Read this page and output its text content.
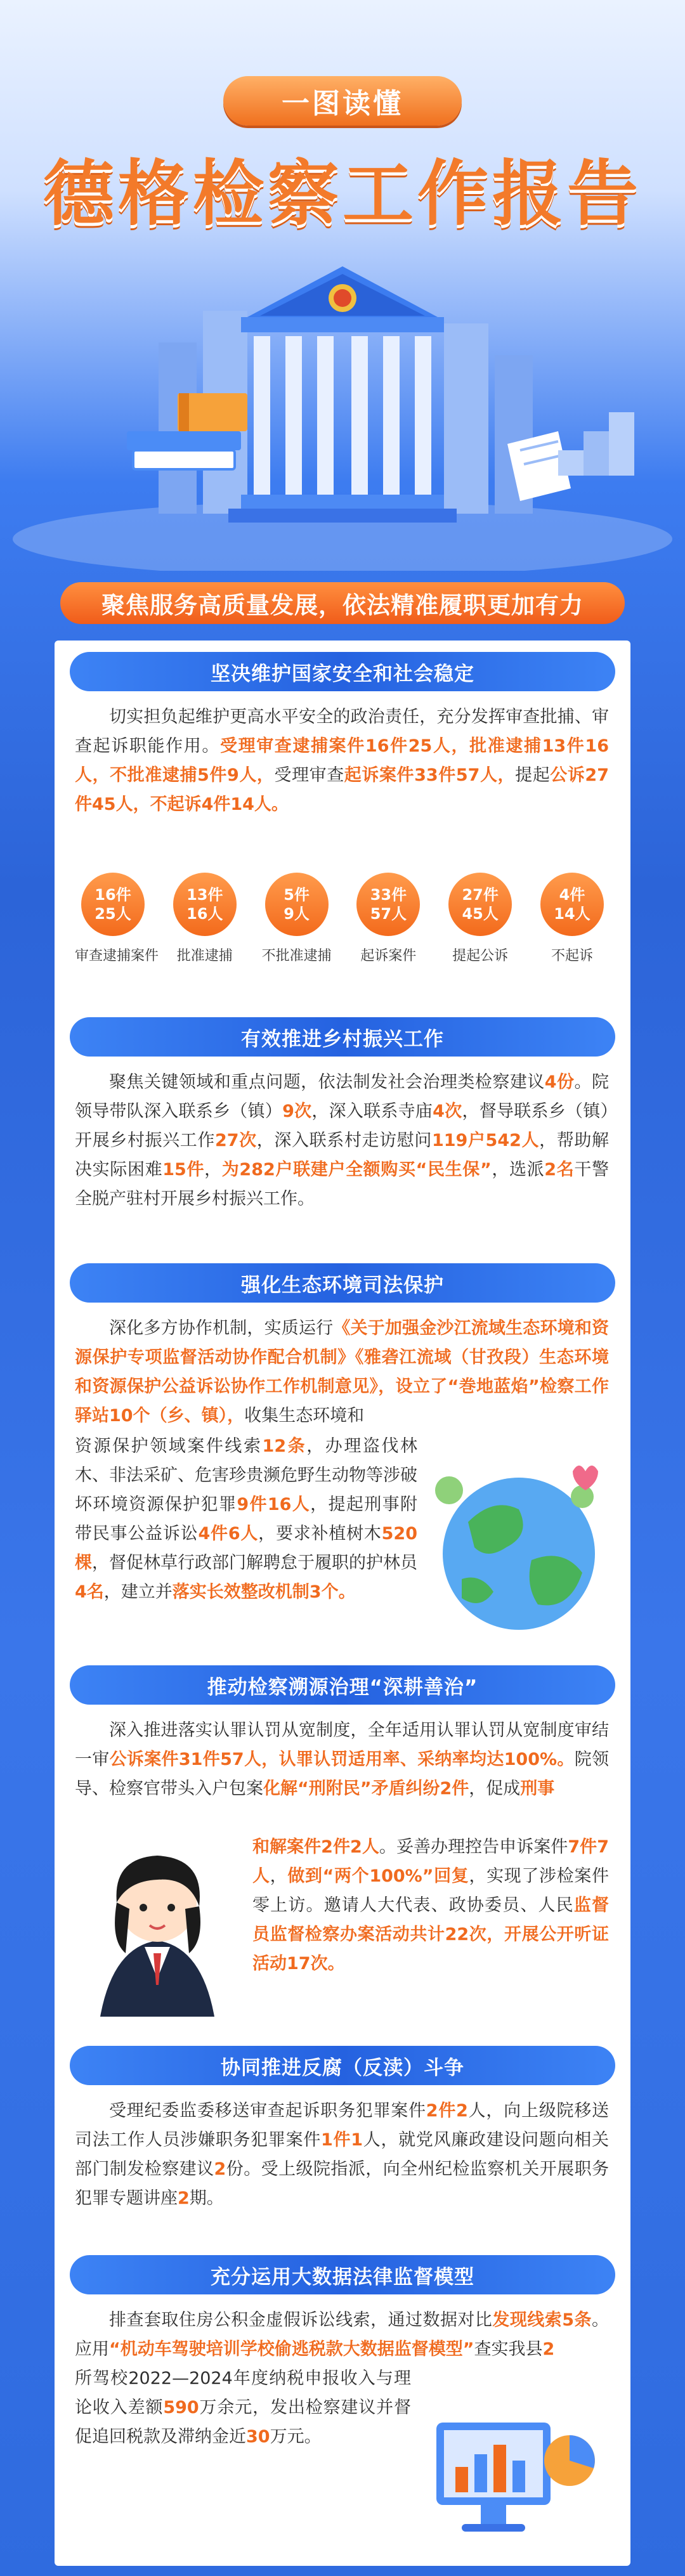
一图读懂
德格检察工作报告
聚焦服务高质量发展，依法精准履职更加有力
坚决维护国家安全和社会稳定

切实担负起维护更高水平安全的政治责任，充分发挥审查批捕、审查起诉职能作用。受理审查逮捕案件16件25人，批准逮捕13件16人，不批准逮捕5件9人，受理审查起诉案件33件57人，提起公诉27件45人，不起诉4件14人。

16件
25人
审查逮捕案件
13件
16人
批准逮捕
5件
9人
不批准逮捕
33件
57人
起诉案件
27件
45人
提起公诉
4件
14人
不起诉
有效推进乡村振兴工作

聚焦关键领域和重点问题，依法制发社会治理类检察建议4份。院领导带队深入联系乡（镇）9次，深入联系寺庙4次，督导联系乡（镇）开展乡村振兴工作27次，深入联系村走访慰问119户542人，帮助解决实际困难15件，为282户联建户全额购买“民生保”，选派2名干警全脱产驻村开展乡村振兴工作。

强化生态环境司法保护

深化多方协作机制，实质运行《关于加强金沙江流域生态环境和资源保护专项监督活动协作配合机制》《雅砻江流域（甘孜段）生态环境和资源保护公益诉讼协作工作机制意见》，设立了“巻地蓝焰”检察工作驿站10个（乡、镇），收集生态环境和

资源保护领域案件线索12条，办理盗伐林木、非法采矿、危害珍贵濒危野生动物等涉破坏环境资源保护犯罪9件16人，提起刑事附带民事公益诉讼4件6人，要求补植树木520棵，督促林草行政部门解聘怠于履职的护林员4名，建立并落实长效整改机制3个。

推动检察溯源治理“深耕善治”

深入推进落实认罪认罚从宽制度，全年适用认罪认罚从宽制度审结一审公诉案件31件57人，认罪认罚适用率、采纳率均达100%。院领导、检察官带头入户包案化解“刑附民”矛盾纠纷2件，促成刑事

和解案件2件2人。妥善办理控告申诉案件7件7人，做到“两个100%”回复，实现了涉检案件零上访。邀请人大代表、政协委员、人民监督员监督检察办案活动共计22次，开展公开听证活动17次。

协同推进反腐（反渎）斗争

受理纪委监委移送审查起诉职务犯罪案件2件2人，向上级院移送司法工作人员涉嫌职务犯罪案件1件1人，就党风廉政建设问题向相关部门制发检察建议2份。受上级院指派，向全州纪检监察机关开展职务犯罪专题讲座2期。

充分运用大数据法律监督模型

排查套取住房公积金虚假诉讼线索，通过数据对比发现线索5条。应用“机动车驾驶培训学校偷逃税款大数据监督模型”查实我县2

所驾校2022—2024年度纳税申报收入与理论收入差额590万余元，发出检察建议并督促追回税款及滞纳金近30万元。
